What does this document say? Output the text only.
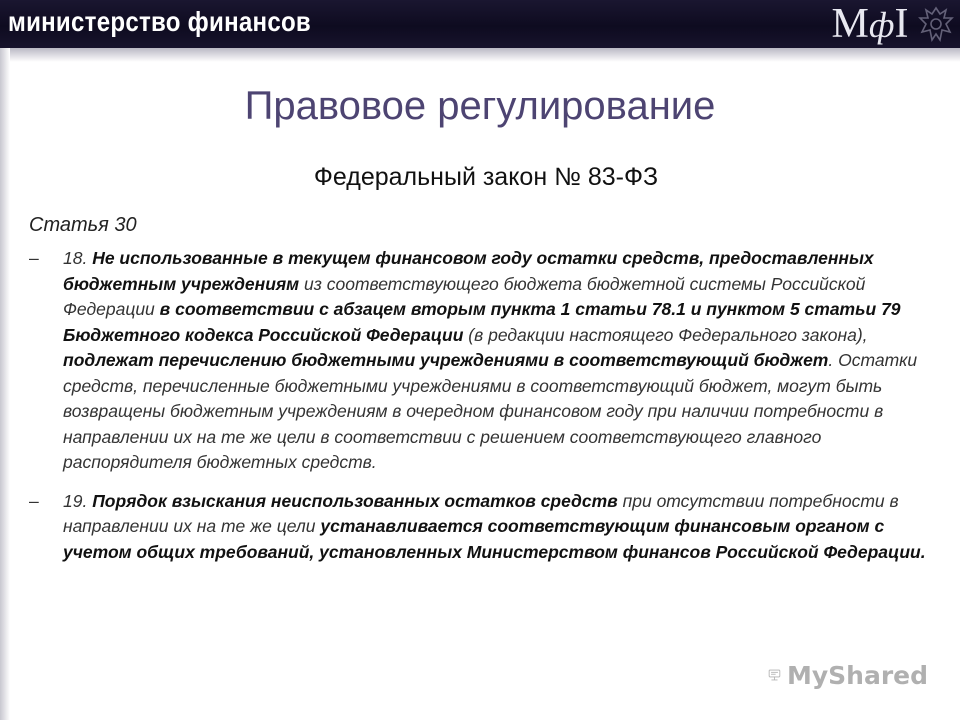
министерство финансов	МфI
Правовое регулирование
Федеральный закон № 83-ФЗ
Статья 30
– 18. Не использованные в текущем финансовом году остатки средств, предоставленных бюджетным учреждениям из соответствующего бюджета бюджетной системы Российской Федерации в соответствии с абзацем вторым пункта 1 статьи 78.1 и пунктом 5 статьи 79 Бюджетного кодекса Российской Федерации (в редакции настоящего Федерального закона), подлежат перечислению бюджетными учреждениями в соответствующий бюджет. Остатки средств, перечисленные бюджетными учреждениями в соответствующий бюджет, могут быть возвращены бюджетным учреждениям в очередном финансовом году при наличии потребности в направлении их на те же цели в соответствии с решением соответствующего главного распорядителя бюджетных средств.
– 19. Порядок взыскания неиспользованных остатков средств при отсутствии потребности в направлении их на те же цели устанавливается соответствующим финансовым органом с учетом общих требований, установленных Министерством финансов Российской Федерации.
MyShared
